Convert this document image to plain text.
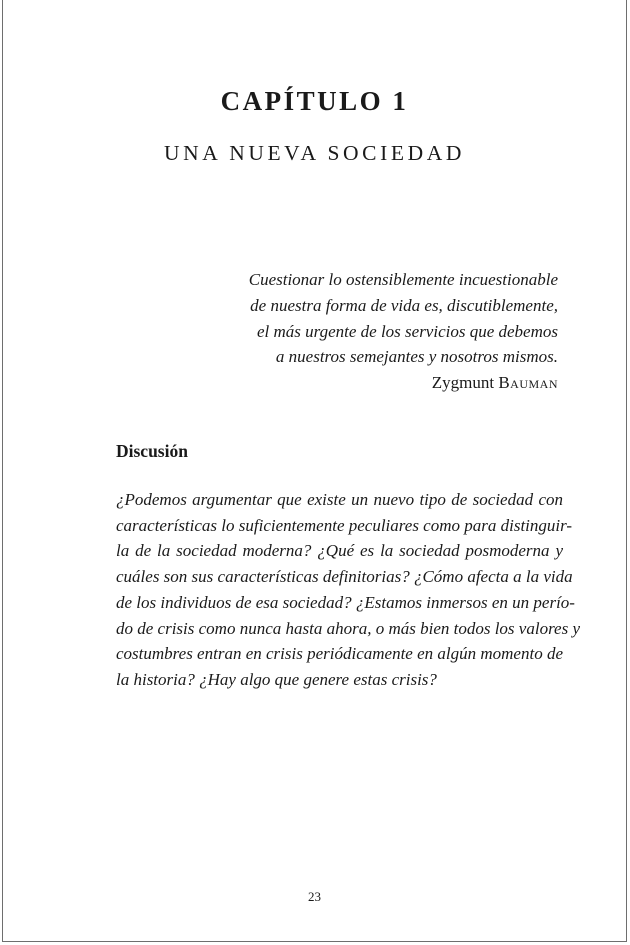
CAPÍTULO 1
UNA NUEVA SOCIEDAD
Cuestionar lo ostensiblemente incuestionable
de nuestra forma de vida es, discutiblemente,
el más urgente de los servicios que debemos
a nuestros semejantes y nosotros mismos.
Zygmunt Bauman
Discusión
¿Podemos argumentar que existe un nuevo tipo de sociedad con
características lo suficientemente peculiares como para distinguir-
la de la sociedad moderna? ¿Qué es la sociedad posmoderna y
cuáles son sus características definitorias? ¿Cómo afecta a la vida
de los individuos de esa sociedad? ¿Estamos inmersos en un perío-
do de crisis como nunca hasta ahora, o más bien todos los valores y
costumbres entran en crisis periódicamente en algún momento de
la historia? ¿Hay algo que genere estas crisis?
23
